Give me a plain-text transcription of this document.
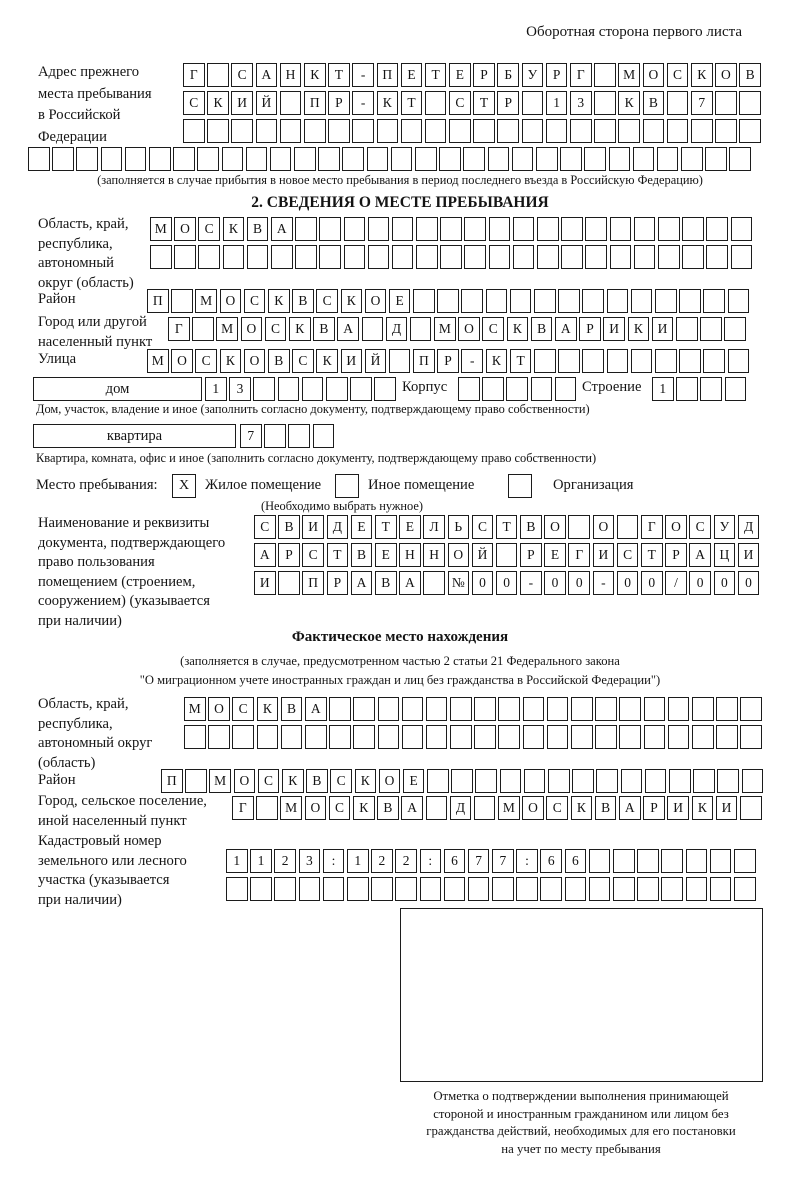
Оборотная сторона первого листа
Адрес прежнего
места пребывания
в Российской
Федерации
Г	С	А	Н	К	Т	-	П	Е	Т	Е	Р	Б	У	Р	Г	М О	С	К	О	В
С	К	И	Й	П	Р	-	К	Т	С	Т	Р	1	3	К	В	7
(заполняется в случае прибытия в новое место пребывания в период последнего въезда в Российскую Федерацию)
2. СВЕДЕНИЯ О МЕСТЕ ПРЕБЫВАНИЯ
Область, край,
республика,
автономный
округ (область)
М О	С	К	В	А
Район	П	М О	С	К	В	С	К	О	Е
Город или другой
населенный пункт
Г	М О	С	К	В	А	Д	М О	С	К	В	А	Р	И	К	И
Улица	М О	С	К	О	В	С	К	И	Й	П	Р	-	К	Т
дом	1	3	Корпус	Строение	1
Дом, участок, владение и иное (заполнить согласно документу, подтверждающему право собственности)
квартира	7
Квартира, комната, офис и иное (заполнить согласно документу, подтверждающему право собственности)
Место пребывания:	X	Жилое помещение	Иное помещение	Организация
(Необходимо выбрать нужное)
Наименование и реквизиты
документа, подтверждающего
право пользования
помещением (строением,
сооружением) (указывается
при наличии)
С	В	И	Д	Е	Т	Е	Л	Ь	С	Т	В	О	О	Г	О	С	У	Д
А	Р	С	Т	В	Е	Н	Н	О	Й	Р	Е	Г	И	С	Т	Р	А	Ц	И
И	П	Р	А	В	А	№	0	0	-	0	0	-	0	0	/	0	0	0
Фактическое место нахождения
(заполняется в случае, предусмотренном частью 2 статьи 21 Федерального закона
"О миграционном учете иностранных граждан и лиц без гражданства в Российской Федерации")
Область, край,
республика,
автономный округ
(область)
М О	С	К	В	А
Район	П	М О	С	К	В	С	К	О	Е
Город, сельское поселение,
иной населенный пункт
Г	М О	С	К	В	А	Д	М О	С	К	В	А	Р	И	К	И
Кадастровый номер
земельного или лесного
участка (указывается
при наличии)
1	1	2	3	:	1	2	2	:	6	7	7	:	6	6
Отметка о подтверждении выполнения принимающей
стороной и иностранным гражданином или лицом без
гражданства действий, необходимых для его постановки
на учет по месту пребывания
